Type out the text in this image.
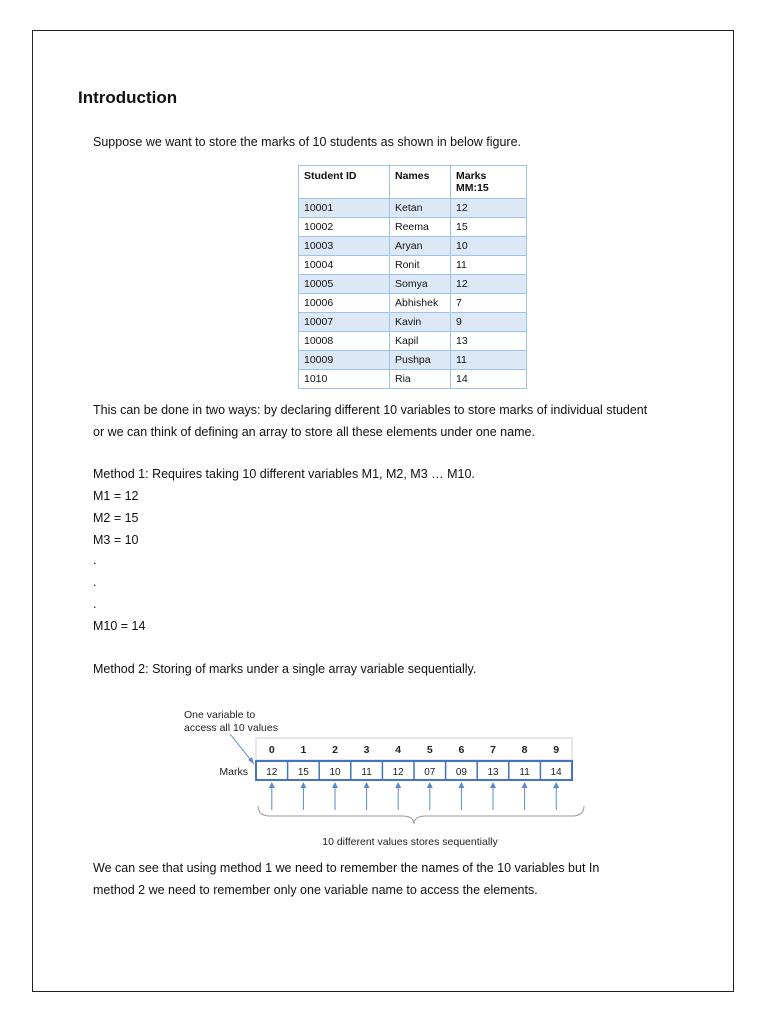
Introduction

Suppose we want to store the marks of 10 students as shown in below figure.

Student ID	Names	Marks
MM:15
10001	Ketan	12
10002	Reema	15
10003	Aryan	10
10004	Ronit	11
10005	Somya	12
10006	Abhishek	7
10007	Kavin	9
10008	Kapil	13
10009	Pushpa	11
1010	Ria	14

This can be done in two ways: by declaring different 10 variables to store marks of individual student

or we can think of defining an array to store all these elements under one name.

Method 1: Requires taking 10 different variables M1, M2, M3 … M10.

M1 = 12

M2 = 15

M3 = 10

.

.

.

M10 = 14

Method 2: Storing of marks under a single array variable sequentially.

One variable to
access all 10 values
Marks
0 1 2 3 4 5 6 7 8 9
12 15 10 11 12 07 09 13 11 14
10 different values stores sequentially

We can see that using method 1 we need to remember the names of the 10 variables but In

method 2 we need to remember only one variable name to access the elements.
